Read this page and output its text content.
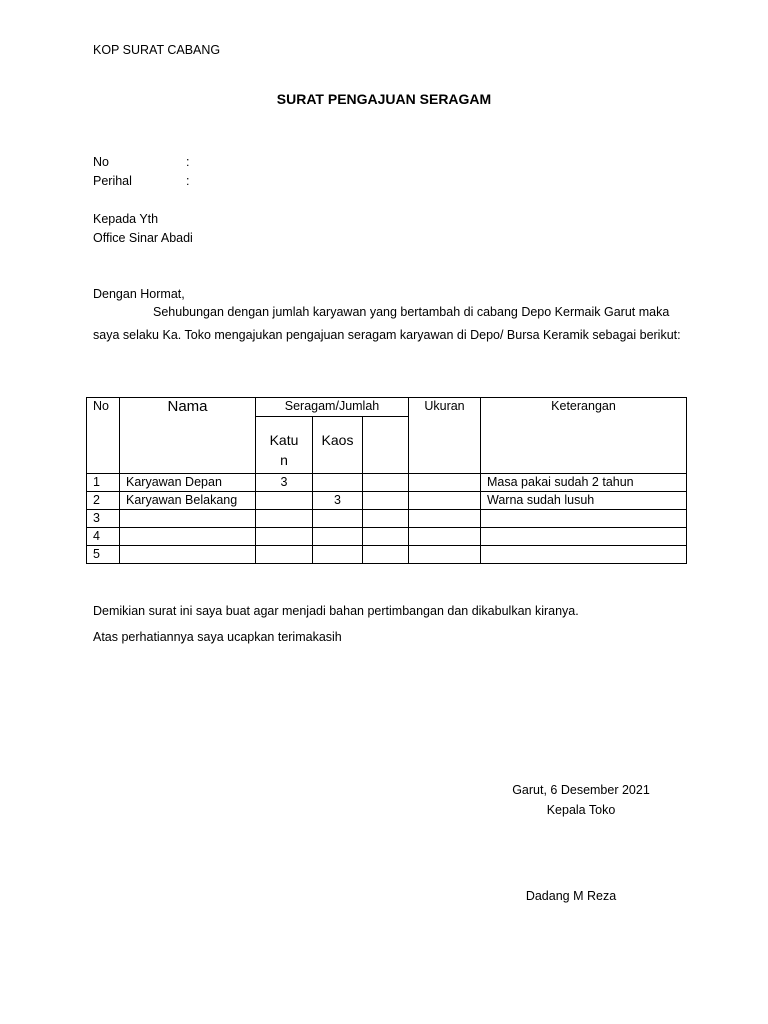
KOP SURAT CABANG
SURAT PENGAJUAN SERAGAM
No	:
Perihal	:
Kepada Yth
Office Sinar Abadi
Dengan Hormat,
Sehubungan dengan jumlah karyawan yang bertambah di cabang Depo Kermaik Garut maka
saya selaku Ka. Toko mengajukan pengajuan seragam karyawan di Depo/ Bursa Keramik sebagai berikut:
No	Nama	Seragam/Jumlah			Ukuran	Keterangan
		Katun	Kaos			
1	Karyawan Depan	3				Masa pakai sudah 2 tahun
2	Karyawan Belakang		3			Warna sudah lusuh
3						
4						
5						
Demikian surat ini saya buat agar menjadi bahan pertimbangan dan dikabulkan kiranya.
Atas perhatiannya saya ucapkan terimakasih
Garut, 6 Desember 2021
Kepala Toko
Dadang M Reza
